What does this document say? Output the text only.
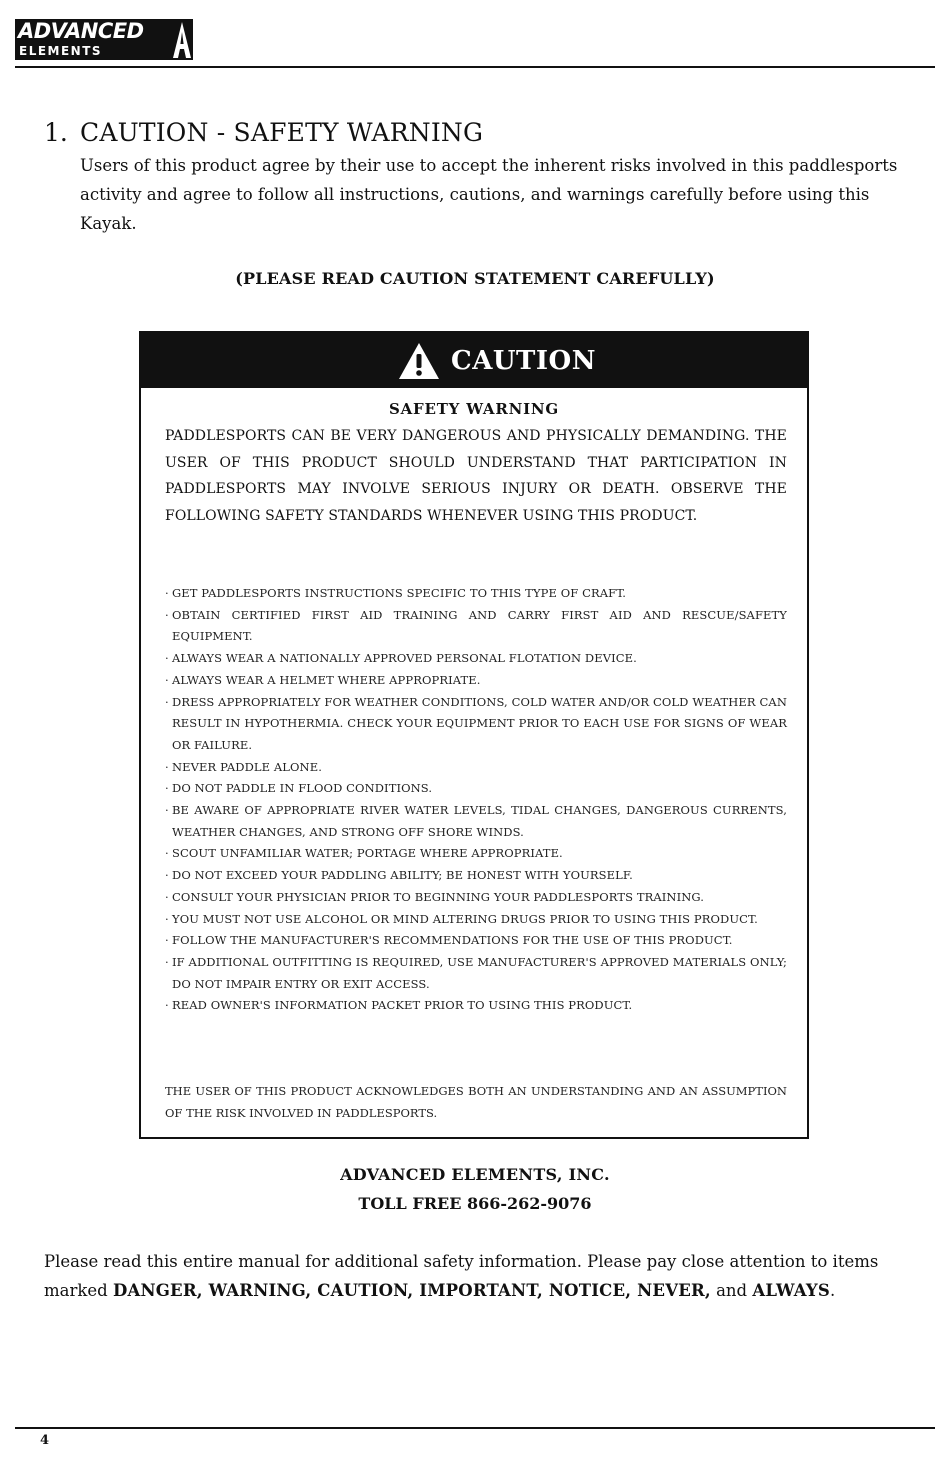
ADVANCED
ELEMENTS
1. CAUTION - SAFETY WARNING
Users of this product agree by their use to accept the inherent risks involved in this paddlesports activity and agree to follow all instructions, cautions, and warnings carefully before using this Kayak.
(PLEASE READ CAUTION STATEMENT CAREFULLY)
CAUTION
SAFETY WARNING
PADDLESPORTS CAN BE VERY DANGEROUS AND PHYSICALLY DEMANDING. THE USER OF THIS PRODUCT SHOULD UNDERSTAND THAT PARTICIPATION IN PADDLESPORTS MAY INVOLVE SERIOUS INJURY OR DEATH. OBSERVE THE FOLLOWING SAFETY STANDARDS WHENEVER USING THIS PRODUCT.
· GET PADDLESPORTS INSTRUCTIONS SPECIFIC TO THIS TYPE OF CRAFT.
· OBTAIN CERTIFIED FIRST AID TRAINING AND CARRY FIRST AID AND RESCUE/SAFETY EQUIPMENT.
· ALWAYS WEAR A NATIONALLY APPROVED PERSONAL FLOTATION DEVICE.
· ALWAYS WEAR A HELMET WHERE APPROPRIATE.
· DRESS APPROPRIATELY FOR WEATHER CONDITIONS, COLD WATER AND/OR COLD WEATHER CAN RESULT IN HYPOTHERMIA. CHECK YOUR EQUIPMENT PRIOR TO EACH USE FOR SIGNS OF WEAR OR FAILURE.
· NEVER PADDLE ALONE.
· DO NOT PADDLE IN FLOOD CONDITIONS.
· BE AWARE OF APPROPRIATE RIVER WATER LEVELS, TIDAL CHANGES, DANGEROUS CURRENTS, WEATHER CHANGES, AND STRONG OFF SHORE WINDS.
· SCOUT UNFAMILIAR WATER; PORTAGE WHERE APPROPRIATE.
· DO NOT EXCEED YOUR PADDLING ABILITY; BE HONEST WITH YOURSELF.
· CONSULT YOUR PHYSICIAN PRIOR TO BEGINNING YOUR PADDLESPORTS TRAINING.
· YOU MUST NOT USE ALCOHOL OR MIND ALTERING DRUGS PRIOR TO USING THIS PRODUCT.
· FOLLOW THE MANUFACTURER'S RECOMMENDATIONS FOR THE USE OF THIS PRODUCT.
· IF ADDITIONAL OUTFITTING IS REQUIRED, USE MANUFACTURER'S APPROVED MATERIALS ONLY; DO NOT IMPAIR ENTRY OR EXIT ACCESS.
· READ OWNER'S INFORMATION PACKET PRIOR TO USING THIS PRODUCT.
THE USER OF THIS PRODUCT ACKNOWLEDGES BOTH AN UNDERSTANDING AND AN ASSUMPTION OF THE RISK INVOLVED IN PADDLESPORTS.
ADVANCED ELEMENTS, INC.
TOLL FREE 866-262-9076
Please read this entire manual for additional safety information. Please pay close attention to items marked DANGER, WARNING, CAUTION, IMPORTANT, NOTICE, NEVER, and ALWAYS.
4
